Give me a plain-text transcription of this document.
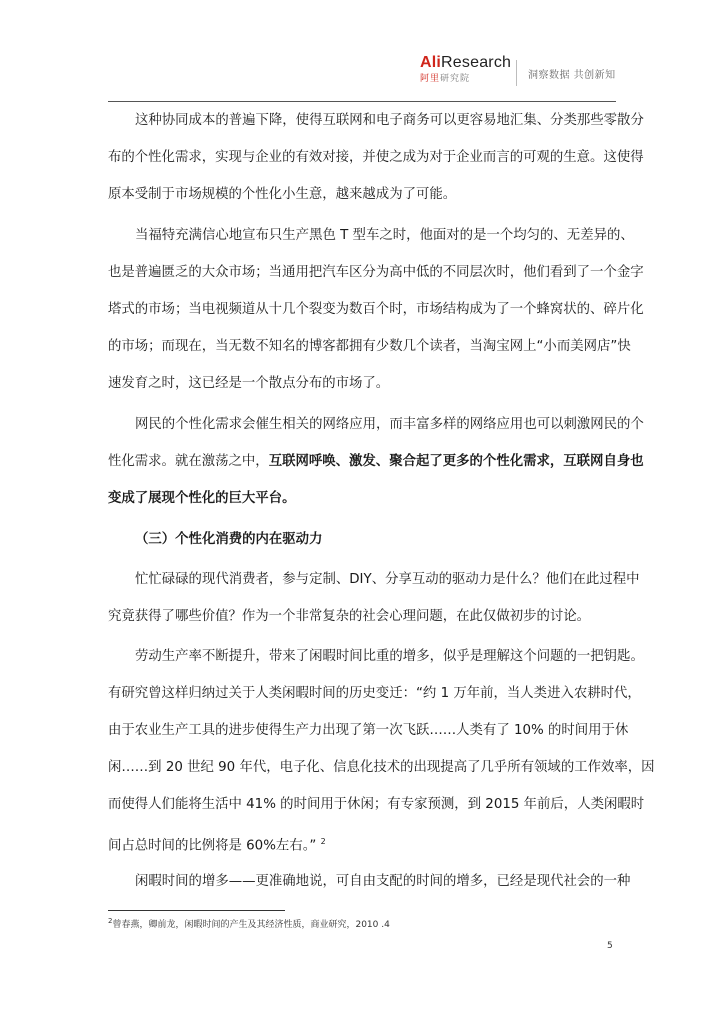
AliResearch
阿里研究院	洞察数据 共创新知
这种协同成本的普遍下降，使得互联网和电子商务可以更容易地汇集、分类那些零散分
布的个性化需求，实现与企业的有效对接，并使之成为对于企业而言的可观的生意。这使得
原本受制于市场规模的个性化小生意，越来越成为了可能。
当福特充满信心地宣布只生产黑色 T 型车之时，他面对的是一个均匀的、无差异的、
也是普遍匮乏的大众市场；当通用把汽车区分为高中低的不同层次时，他们看到了一个金字
塔式的市场；当电视频道从十几个裂变为数百个时，市场结构成为了一个蜂窝状的、碎片化
的市场；而现在，当无数不知名的博客都拥有少数几个读者，当淘宝网上“小而美网店”快
速发育之时，这已经是一个散点分布的市场了。
网民的个性化需求会催生相关的网络应用，而丰富多样的网络应用也可以刺激网民的个
性化需求。就在激荡之中，互联网呼唤、激发、聚合起了更多的个性化需求，互联网自身也
变成了展现个性化的巨大平台。
（三）个性化消费的内在驱动力
忙忙碌碌的现代消费者，参与定制、DIY、分享互动的驱动力是什么？他们在此过程中
究竟获得了哪些价值？作为一个非常复杂的社会心理问题，在此仅做初步的讨论。
劳动生产率不断提升，带来了闲暇时间比重的增多，似乎是理解这个问题的一把钥匙。
有研究曾这样归纳过关于人类闲暇时间的历史变迁：“约 1 万年前，当人类进入农耕时代，
由于农业生产工具的进步使得生产力出现了第一次飞跃……人类有了 10% 的时间用于休
闲……到 20 世纪 90 年代，电子化、信息化技术的出现提高了几乎所有领域的工作效率，因
而使得人们能将生活中 41% 的时间用于休闲；有专家预测，到 2015 年前后，人类闲暇时
间占总时间的比例将是 60%左右。” $^2$
闲暇时间的增多——更准确地说，可自由支配的时间的增多，已经是现代社会的一种
$^2$曾春燕，卿前龙，闲暇时间的产生及其经济性质，商业研究，2010 .4
5
